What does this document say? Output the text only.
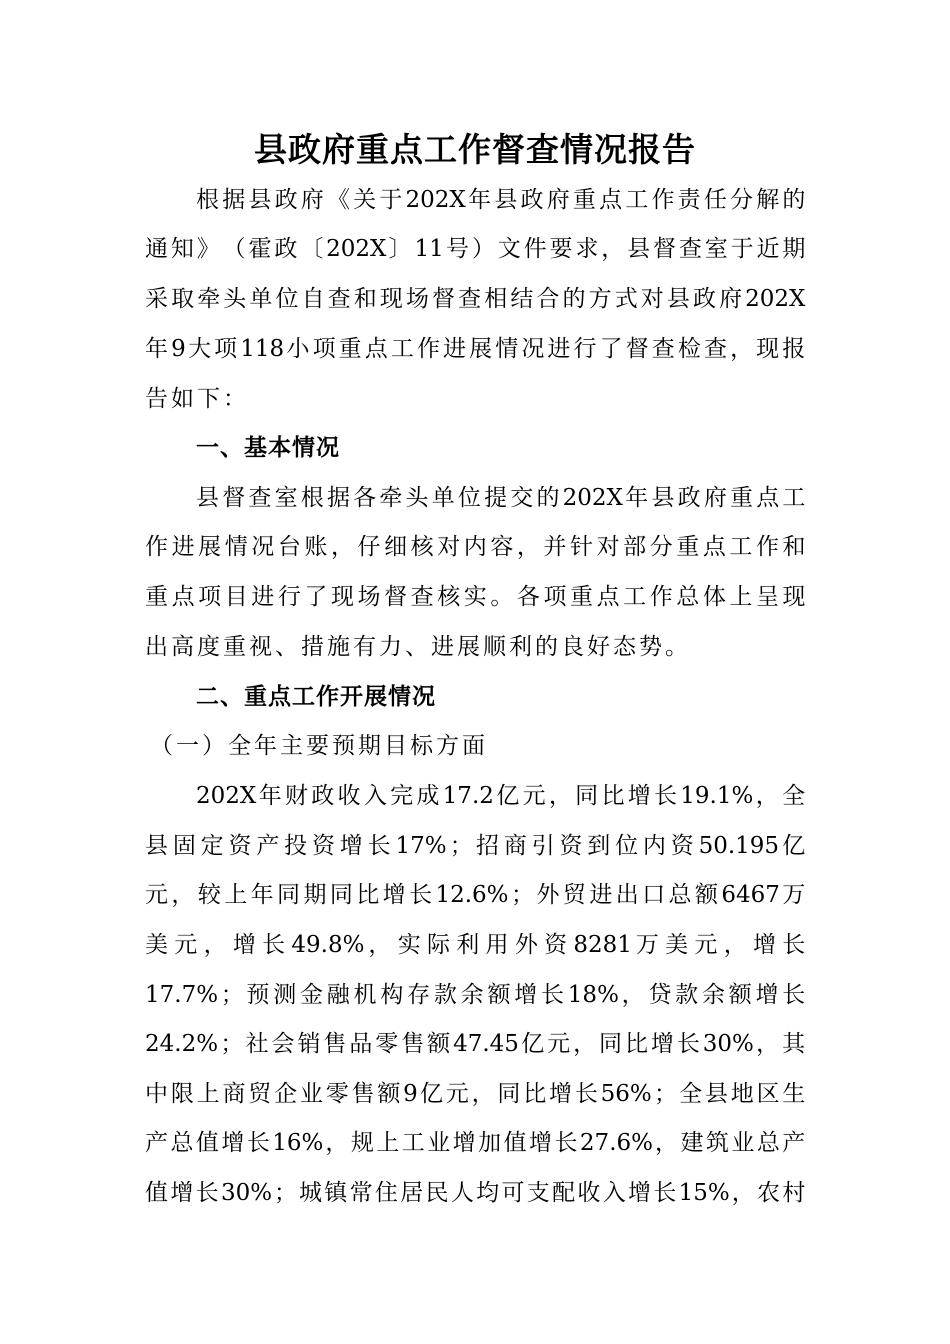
县政府重点工作督查情况报告
根 据 县 政 府 《 关 于 202X 年 县 政 府 重 点 工 作 责 任 分 解 的
通 知 》 （ 霍 政 〔 202X 〕 11 号 ） 文 件 要 求 ， 县 督 查 室 于 近 期
采 取 牵 头 单 位 自 查 和 现 场 督 查 相 结 合 的 方 式 对 县 政 府 202X
年 9 大 项 118 小 项 重 点 工 作 进 展 情 况 进 行 了 督 查 检 查 ， 现 报
告如下：
一、基本情况
县 督 查 室 根 据 各 牵 头 单 位 提 交 的 202X 年 县 政 府 重 点 工
作 进 展 情 况 台 账 ， 仔 细 核 对 内 容 ， 并 针 对 部 分 重 点 工 作 和
重 点 项 目 进 行 了 现 场 督 查 核 实 。 各 项 重 点 工 作 总 体 上 呈 现
出高度重视、措施有力、进展顺利的良好态势。
二、重点工作开展情况
（一）全年主要预期目标方面
202X 年 财 政 收 入 完 成 17.2 亿 元 ， 同 比 增 长 19.1% ， 全
县 固 定 资 产 投 资 增 长 17% ； 招 商 引 资 到 位 内 资 50.195 亿
元 ， 较 上 年 同 期 同 比 增 长 12.6% ； 外 贸 进 出 口 总 额 6467 万
美 元 ， 增 长 49.8% ， 实 际 利 用 外 资 8281 万 美 元 ， 增 长
17.7% ； 预 测 金 融 机 构 存 款 余 额 增 长 18% ， 贷 款 余 额 增 长
24.2% ； 社 会 销 售 品 零 售 额 47.45 亿 元 ， 同 比 增 长 30% ， 其
中 限 上 商 贸 企 业 零 售 额 9 亿 元 ， 同 比 增 长 56% ； 全 县 地 区 生
产 总 值 增 长 16% ， 规 上 工 业 增 加 值 增 长 27.6% ， 建 筑 业 总 产
值 增 长 30% ； 城 镇 常 住 居 民 人 均 可 支 配 收 入 增 长 15% ， 农 村
